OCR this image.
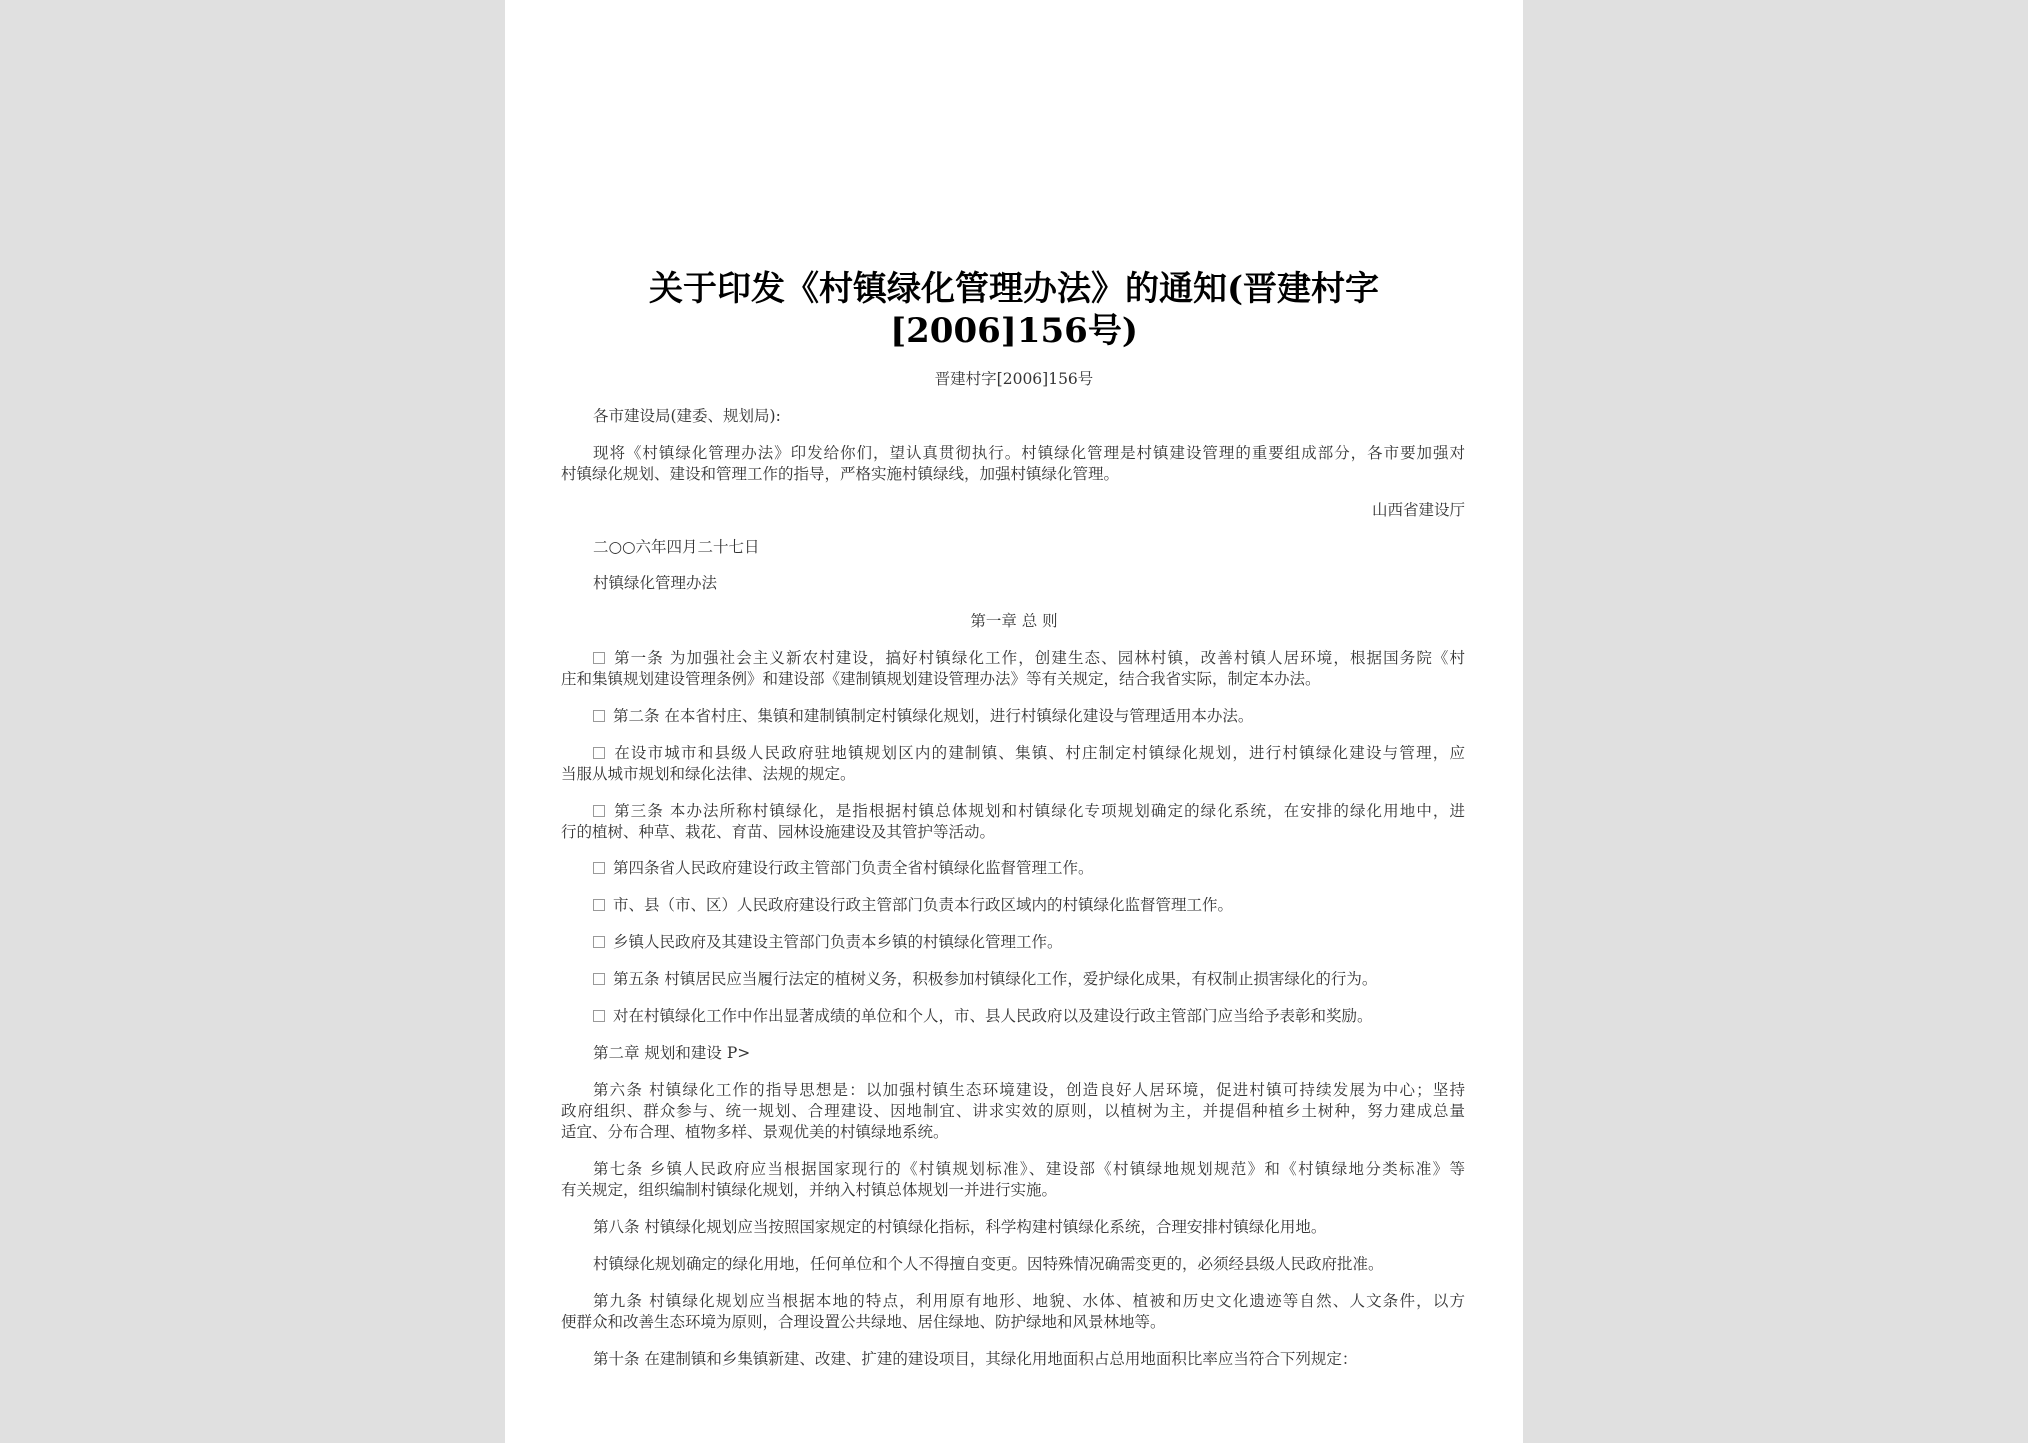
关于印发《村镇绿化管理办法》的通知(晋建村字
[2006]156号)
晋建村字[2006]156号
各市建设局(建委、规划局):
现将《村镇绿化管理办法》印发给你们，望认真贯彻执行。村镇绿化管理是村镇建设管理的重要组成部分，各市要加强对
村镇绿化规划、建设和管理工作的指导，严格实施村镇绿线，加强村镇绿化管理。
山西省建设厅
二○○六年四月二十七日
村镇绿化管理办法
第一章 总 则
第一条 为加强社会主义新农村建设，搞好村镇绿化工作，创建生态、园林村镇，改善村镇人居环境，根据国务院《村
庄和集镇规划建设管理条例》和建设部《建制镇规划建设管理办法》等有关规定，结合我省实际，制定本办法。
第二条 在本省村庄、集镇和建制镇制定村镇绿化规划，进行村镇绿化建设与管理适用本办法。
在设市城市和县级人民政府驻地镇规划区内的建制镇、集镇、村庄制定村镇绿化规划，进行村镇绿化建设与管理，应
当服从城市规划和绿化法律、法规的规定。
第三条 本办法所称村镇绿化，是指根据村镇总体规划和村镇绿化专项规划确定的绿化系统，在安排的绿化用地中，进
行的植树、种草、栽花、育苗、园林设施建设及其管护等活动。
第四条省人民政府建设行政主管部门负责全省村镇绿化监督管理工作。
市、县（市、区）人民政府建设行政主管部门负责本行政区域内的村镇绿化监督管理工作。
乡镇人民政府及其建设主管部门负责本乡镇的村镇绿化管理工作。
第五条 村镇居民应当履行法定的植树义务，积极参加村镇绿化工作，爱护绿化成果，有权制止损害绿化的行为。
对在村镇绿化工作中作出显著成绩的单位和个人，市、县人民政府以及建设行政主管部门应当给予表彰和奖励。
第二章 规划和建设 P>
第六条 村镇绿化工作的指导思想是：以加强村镇生态环境建设，创造良好人居环境，促进村镇可持续发展为中心；坚持
政府组织、群众参与、统一规划、合理建设、因地制宜、讲求实效的原则，以植树为主，并提倡种植乡土树种，努力建成总量
适宜、分布合理、植物多样、景观优美的村镇绿地系统。
第七条 乡镇人民政府应当根据国家现行的《村镇规划标准》、建设部《村镇绿地规划规范》和《村镇绿地分类标准》等
有关规定，组织编制村镇绿化规划，并纳入村镇总体规划一并进行实施。
第八条 村镇绿化规划应当按照国家规定的村镇绿化指标，科学构建村镇绿化系统，合理安排村镇绿化用地。
村镇绿化规划确定的绿化用地，任何单位和个人不得擅自变更。因特殊情况确需变更的，必须经县级人民政府批准。
第九条 村镇绿化规划应当根据本地的特点，利用原有地形、地貌、水体、植被和历史文化遗迹等自然、人文条件，以方
便群众和改善生态环境为原则，合理设置公共绿地、居住绿地、防护绿地和风景林地等。
第十条 在建制镇和乡集镇新建、改建、扩建的建设项目，其绿化用地面积占总用地面积比率应当符合下列规定：
